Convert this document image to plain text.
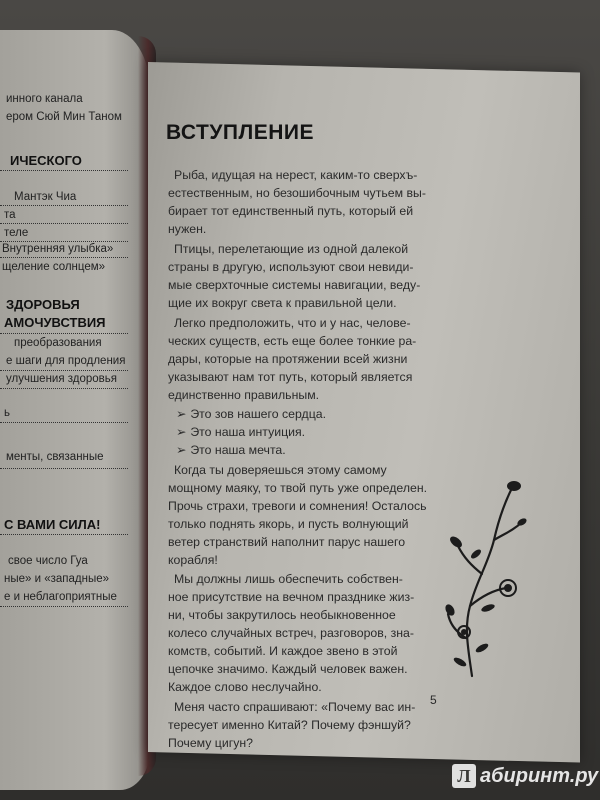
инного канала
ером Сюй Мин Таном
ИЧЕСКОГО
Мантэк Чиа
та
теле
Внутренняя улыбка»
щеление солнцем»
ЗДОРОВЬЯ
АМОЧУВСТВИЯ
преобразования
е шаги для продления
улучшения здоровья
ь
менты, связанные
С ВАМИ СИЛА!
свое число Гуа
ные» и «западные»
е и неблагоприятные
ВСТУПЛЕНИЕ
Рыба, идущая на нерест, каким-то сверхъ-
естественным, но безошибочным чутьем вы-
бирает тот единственный путь, который ей
нужен.
Птицы, перелетающие из одной далекой
страны в другую, используют свои невиди-
мые сверхточные системы навигации, веду-
щие их вокруг света к правильной цели.
Легко предположить, что и у нас, челове-
ческих существ, есть еще более тонкие ра-
дары, которые на протяжении всей жизни
указывают нам тот путь, который является
единственно правильным.
➢ Это зов нашего сердца.
➢ Это наша интуиция.
➢ Это наша мечта.
Когда ты доверяешься этому самому
мощному маяку, то твой путь уже определен.
Прочь страхи, тревоги и сомнения! Осталось
только поднять якорь, и пусть волнующий
ветер странствий наполнит парус нашего
корабля!
Мы должны лишь обеспечить собствен-
ное присутствие на вечном празднике жиз-
ни, чтобы закрутилось необыкновенное
колесо случайных встреч, разговоров, зна-
комств, событий. И каждое звено в этой
цепочке значимо. Каждый человек важен.
Каждое слово неслучайно.
Меня часто спрашивают: «Почему вас ин-
тересует именно Китай? Почему фэншуй?
Почему цигун?
5
Л абиринт.ру
